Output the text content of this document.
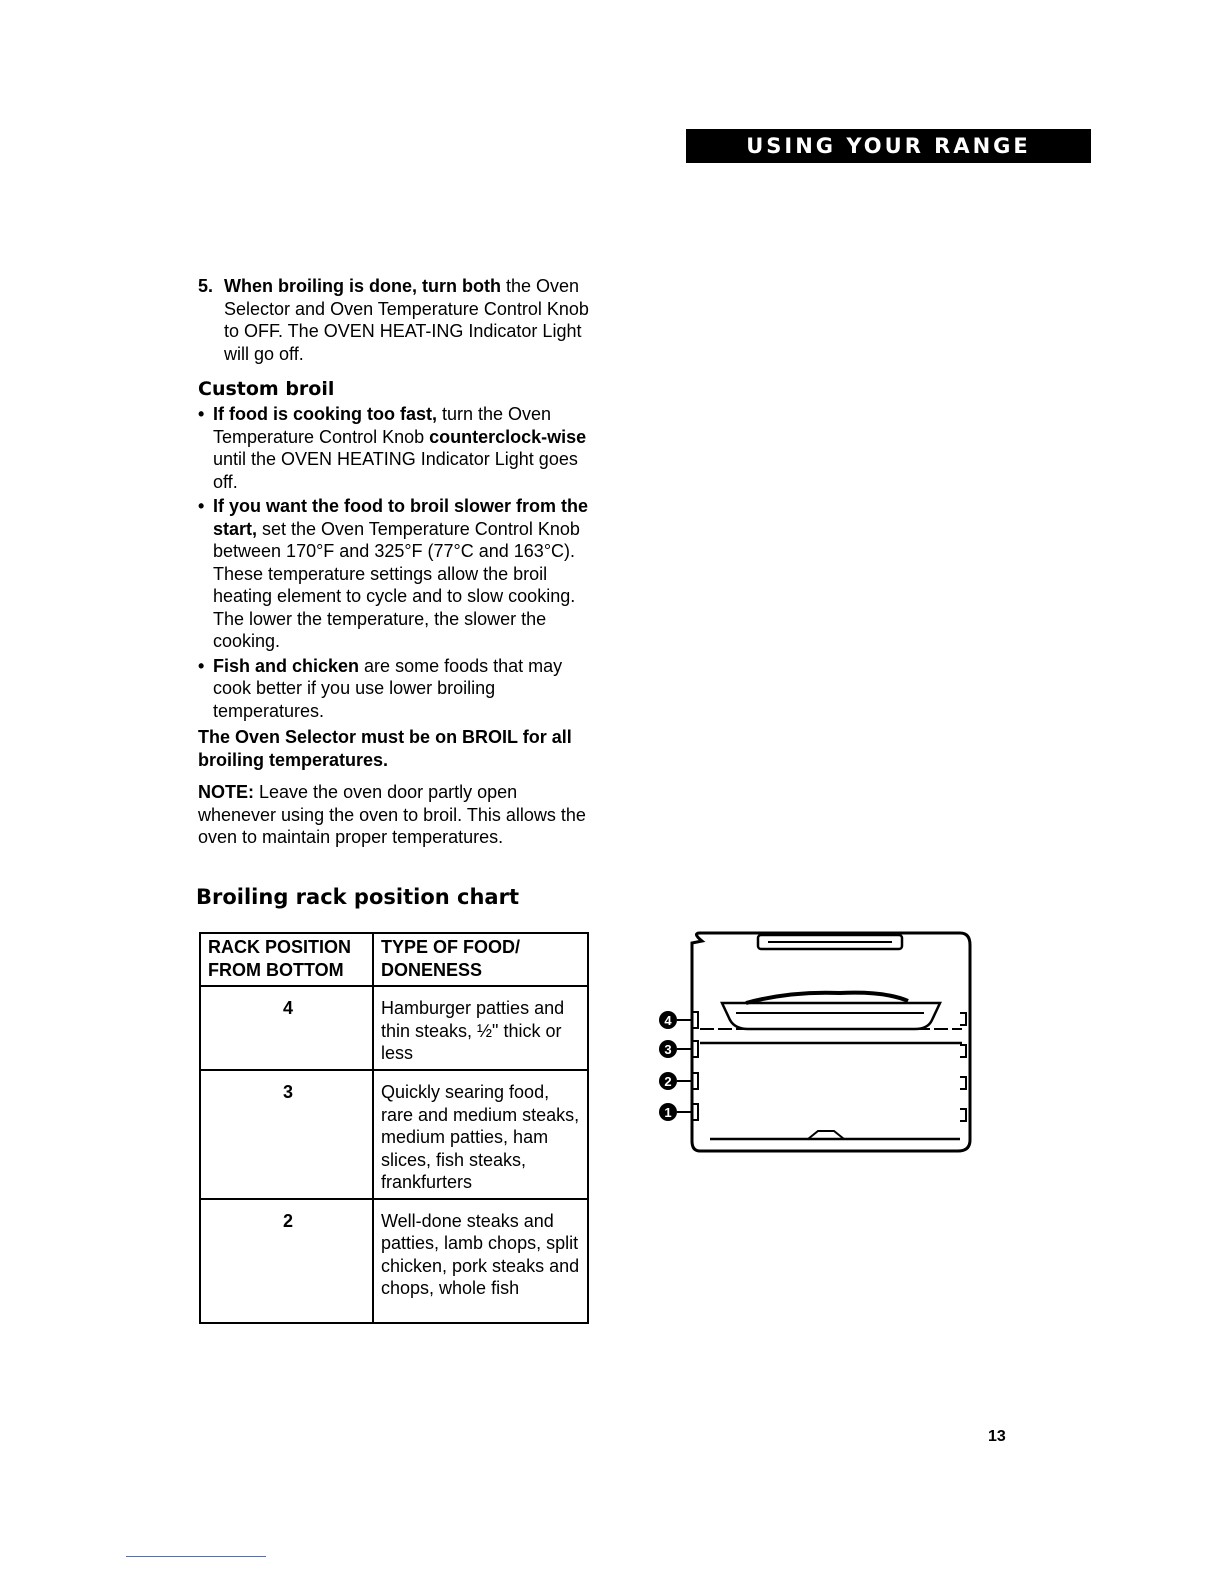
USING YOUR RANGE

5. When broiling is done, turn both the Oven Selector and Oven Temperature Control Knob to OFF. The OVEN HEAT-ING Indicator Light will go off.

Custom broil
• If food is cooking too fast, turn the Oven Temperature Control Knob counterclock-wise until the OVEN HEATING Indicator Light goes off.
• If you want the food to broil slower from the start, set the Oven Temperature Control Knob between 170°F and 325°F (77°C and 163°C). These temperature settings allow the broil heating element to cycle and to slow cooking. The lower the temperature, the slower the cooking.
• Fish and chicken are some foods that may cook better if you use lower broiling temperatures.

The Oven Selector must be on BROIL for all broiling temperatures.

NOTE: Leave the oven door partly open whenever using the oven to broil. This allows the oven to maintain proper temperatures.

Broiling rack position chart
RACK POSITION FROM BOTTOM	TYPE OF FOOD/ DONENESS
4	Hamburger patties and thin steaks, ½" thick or less
3	Quickly searing food, rare and medium steaks, medium patties, ham slices, fish steaks, frankfurters
2	Well-done steaks and patties, lamb chops, split chicken, pork steaks and chops, whole fish
4
3
2
1
13
